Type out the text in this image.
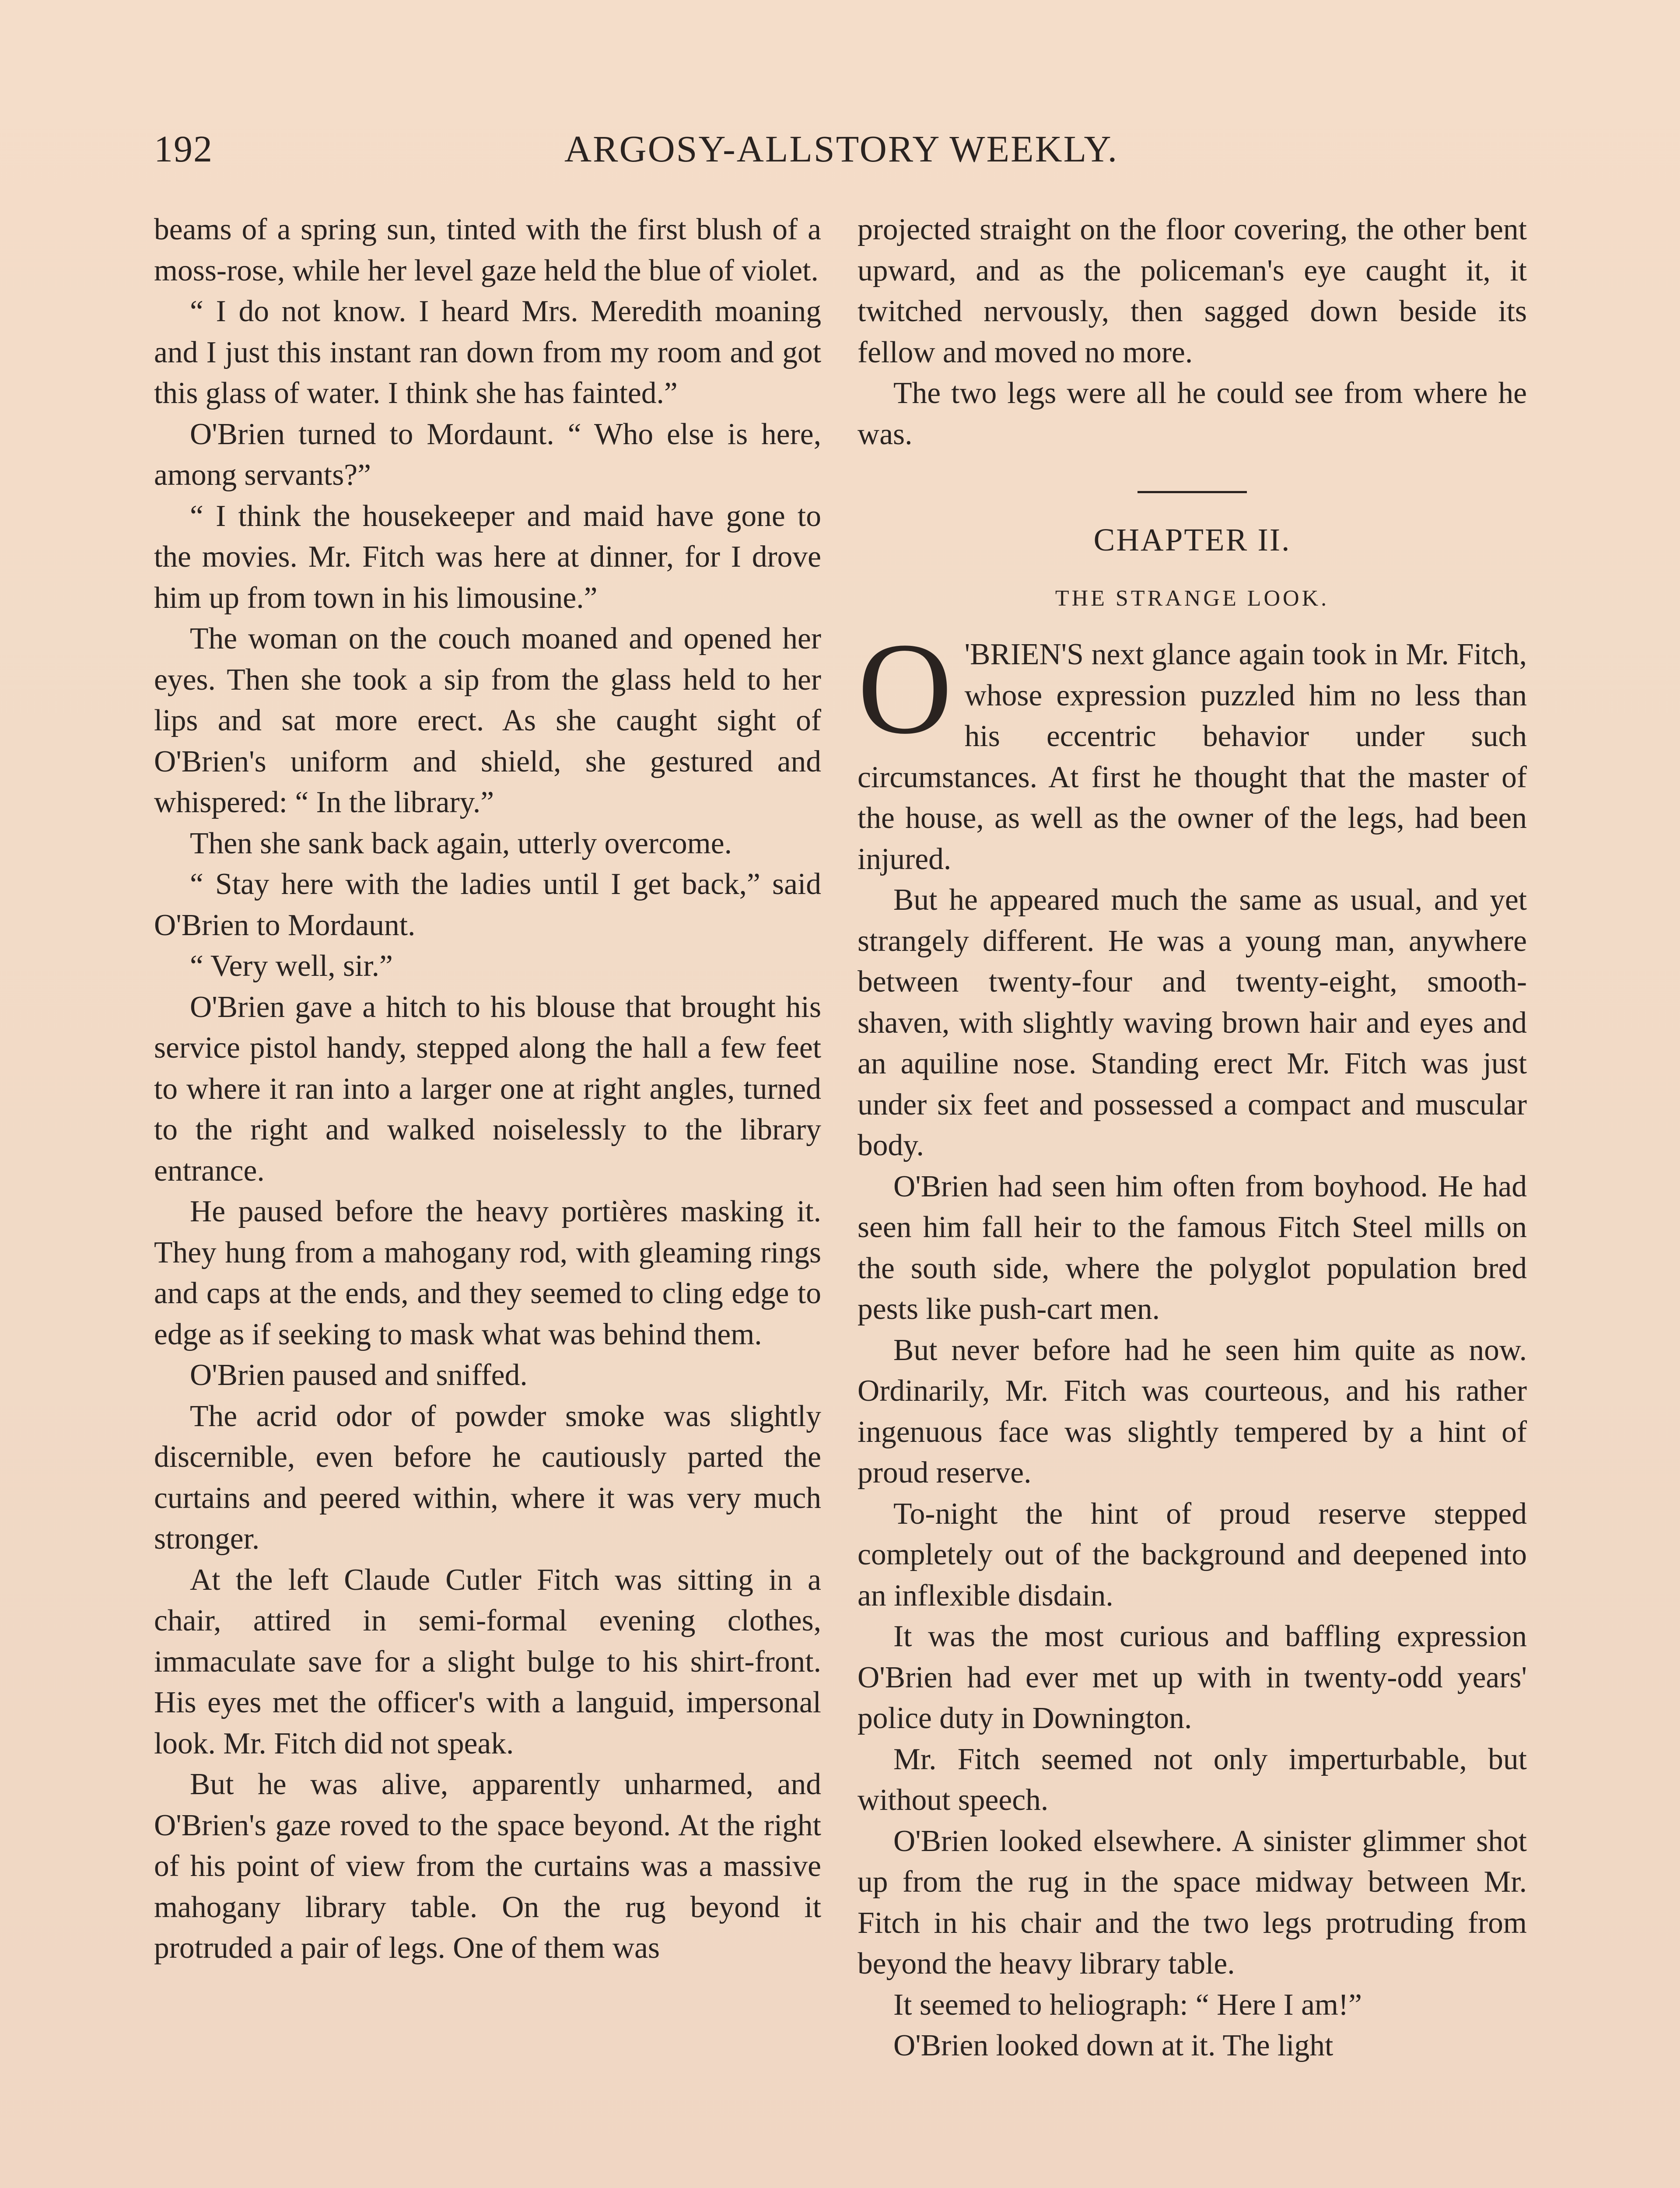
192	ARGOSY-ALLSTORY WEEKLY.

beams of a spring sun, tinted with the first blush of a moss-rose, while her level gaze held the blue of violet.

“ I do not know. I heard Mrs. Meredith moaning and I just this instant ran down from my room and got this glass of water. I think she has fainted.”

O'Brien turned to Mordaunt. “ Who else is here, among servants?”

“ I think the housekeeper and maid have gone to the movies. Mr. Fitch was here at dinner, for I drove him up from town in his limousine.”

The woman on the couch moaned and opened her eyes. Then she took a sip from the glass held to her lips and sat more erect. As she caught sight of O'Brien's uniform and shield, she gestured and whispered: “ In the library.”

Then she sank back again, utterly overcome.

“ Stay here with the ladies until I get back,” said O'Brien to Mordaunt.

“ Very well, sir.”

O'Brien gave a hitch to his blouse that brought his service pistol handy, stepped along the hall a few feet to where it ran into a larger one at right angles, turned to the right and walked noiselessly to the library entrance.

He paused before the heavy portières masking it. They hung from a mahogany rod, with gleaming rings and caps at the ends, and they seemed to cling edge to edge as if seeking to mask what was behind them.

O'Brien paused and sniffed.

The acrid odor of powder smoke was slightly discernible, even before he cautiously parted the curtains and peered within, where it was very much stronger.

At the left Claude Cutler Fitch was sitting in a chair, attired in semi-formal evening clothes, immaculate save for a slight bulge to his shirt-front. His eyes met the officer's with a languid, impersonal look. Mr. Fitch did not speak.

But he was alive, apparently unharmed, and O'Brien's gaze roved to the space beyond. At the right of his point of view from the curtains was a massive mahogany library table. On the rug beyond it protruded a pair of legs. One of them was

projected straight on the floor covering, the other bent upward, and as the policeman's eye caught it, it twitched nervously, then sagged down beside its fellow and moved no more.

The two legs were all he could see from where he was.

CHAPTER II.
THE STRANGE LOOK.

O 'BRIEN'S next glance again took in Mr. Fitch, whose expression puzzled him no less than his eccentric behavior under such circumstances. At first he thought that the master of the house, as well as the owner of the legs, had been injured.

But he appeared much the same as usual, and yet strangely different. He was a young man, anywhere between twenty-four and twenty-eight, smooth-shaven, with slightly waving brown hair and eyes and an aquiline nose. Standing erect Mr. Fitch was just under six feet and possessed a compact and muscular body.

O'Brien had seen him often from boyhood. He had seen him fall heir to the famous Fitch Steel mills on the south side, where the polyglot population bred pests like push-cart men.

But never before had he seen him quite as now. Ordinarily, Mr. Fitch was courteous, and his rather ingenuous face was slightly tempered by a hint of proud reserve.

To-night the hint of proud reserve stepped completely out of the background and deepened into an inflexible disdain.

It was the most curious and baffling expression O'Brien had ever met up with in twenty-odd years' police duty in Downington.

Mr. Fitch seemed not only imperturbable, but without speech.

O'Brien looked elsewhere. A sinister glimmer shot up from the rug in the space midway between Mr. Fitch in his chair and the two legs protruding from beyond the heavy library table.

It seemed to heliograph: “ Here I am!”

O'Brien looked down at it. The light
